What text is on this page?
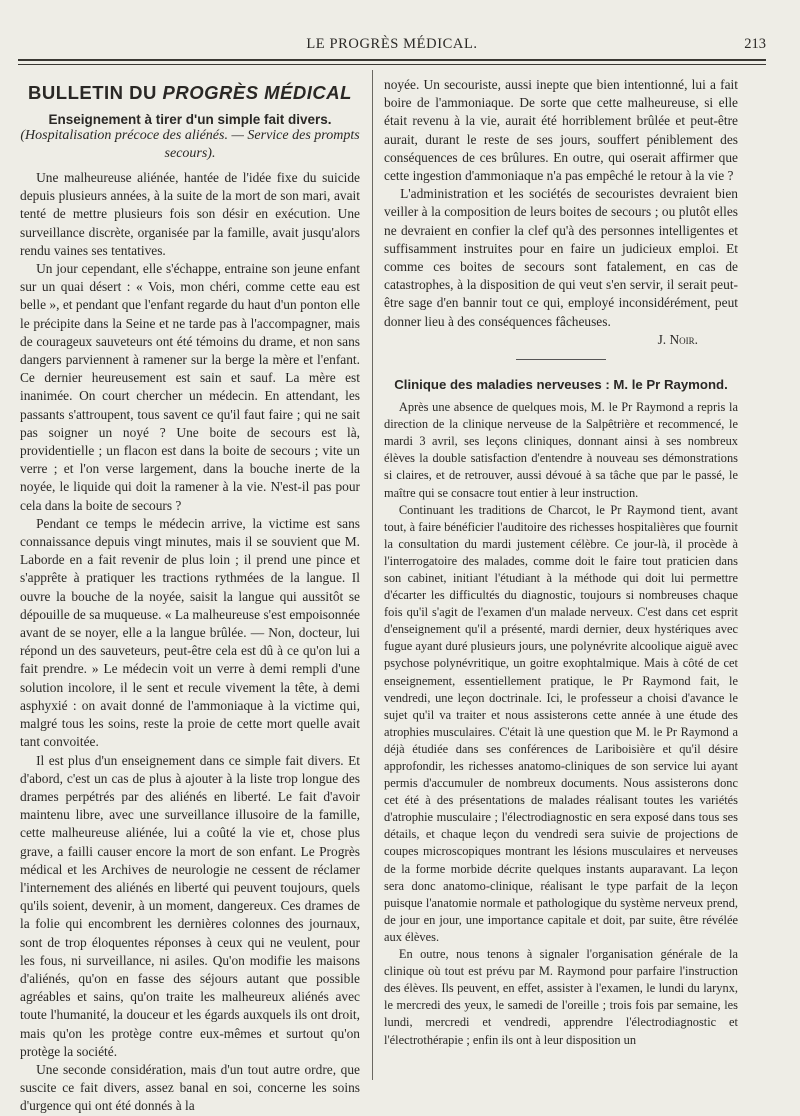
LE PROGRÈS MÉDICAL.	213
BULLETIN DU PROGRÈS MÉDICAL

Enseignement à tirer d'un simple fait divers.

(Hospitalisation précoce des aliénés. — Service des prompts secours).

Une malheureuse aliénée, hantée de l'idée fixe du suicide depuis plusieurs années, à la suite de la mort de son mari, avait tenté de mettre plusieurs fois son désir en exécution. Une surveillance discrète, organisée par la famille, avait jusqu'alors rendu vaines ses tentatives.

Un jour cependant, elle s'échappe, entraine son jeune enfant sur un quai désert : « Vois, mon chéri, comme cette eau est belle », et pendant que l'enfant regarde du haut d'un ponton elle le précipite dans la Seine et ne tarde pas à l'accompagner, mais de courageux sauveteurs ont été témoins du drame, et non sans dangers parviennent à ramener sur la berge la mère et l'enfant. Ce dernier heureusement est sain et sauf. La mère est inanimée. On court chercher un médecin. En attendant, les passants s'attroupent, tous savent ce qu'il faut faire ; qui ne sait pas soigner un noyé ? Une boite de secours est là, providentielle ; un flacon est dans la boite de secours ; vite un verre ; et l'on verse largement, dans la bouche inerte de la noyée, le liquide qui doit la ramener à la vie. N'est-il pas pour cela dans la boite de secours ?

Pendant ce temps le médecin arrive, la victime est sans connaissance depuis vingt minutes, mais il se souvient que M. Laborde en a fait revenir de plus loin ; il prend une pince et s'apprête à pratiquer les tractions rythmées de la langue. Il ouvre la bouche de la noyée, saisit la langue qui aussitôt se dépouille de sa muqueuse. « La malheureuse s'est empoisonnée avant de se noyer, elle a la langue brûlée. — Non, docteur, lui répond un des sauveteurs, peut-être cela est dû à ce qu'on lui a fait prendre. » Le médecin voit un verre à demi rempli d'une solution incolore, il le sent et recule vivement la tête, à demi asphyxié : on avait donné de l'ammoniaque à la victime qui, malgré tous les soins, reste la proie de cette mort quelle avait tant convoitée.

Il est plus d'un enseignement dans ce simple fait divers. Et d'abord, c'est un cas de plus à ajouter à la liste trop longue des drames perpétrés par des aliénés en liberté. Le fait d'avoir maintenu libre, avec une surveillance illusoire de la famille, cette malheureuse aliénée, lui a coûté la vie et, chose plus grave, a failli causer encore la mort de son enfant. Le Progrès médical et les Archives de neurologie ne cessent de réclamer l'internement des aliénés en liberté qui peuvent toujours, quels qu'ils soient, devenir, à un moment, dangereux. Ces drames de la folie qui encombrent les dernières colonnes des journaux, sont de trop éloquentes réponses à ceux qui ne veulent, pour les fous, ni surveillance, ni asiles. Qu'on modifie les maisons d'aliénés, qu'on en fasse des séjours autant que possible agréables et sains, qu'on traite les malheureux aliénés avec toute l'humanité, la douceur et les égards auxquels ils ont droit, mais qu'on les protège contre eux-mêmes et surtout qu'on protège la société.

Une seconde considération, mais d'un tout autre ordre, que suscite ce fait divers, assez banal en soi, concerne les soins d'urgence qui ont été donnés à la

noyée. Un secouriste, aussi inepte que bien intentionné, lui a fait boire de l'ammoniaque. De sorte que cette malheureuse, si elle était revenu à la vie, aurait été horriblement brûlée et peut-être aurait, durant le reste de ses jours, souffert péniblement des conséquences de ces brûlures. En outre, qui oserait affirmer que cette ingestion d'ammoniaque n'a pas empêché le retour à la vie ?

L'administration et les sociétés de secouristes devraient bien veiller à la composition de leurs boites de secours ; ou plutôt elles ne devraient en confier la clef qu'à des personnes intelligentes et suffisamment instruites pour en faire un judicieux emploi. Et comme ces boites de secours sont fatalement, en cas de catastrophes, à la disposition de qui veut s'en servir, il serait peut-être sage d'en bannir tout ce qui, employé inconsidérément, peut donner lieu à des conséquences fâcheuses.

J. Noir.

Clinique des maladies nerveuses : M. le Pr Raymond.

Après une absence de quelques mois, M. le Pr Raymond a repris la direction de la clinique nerveuse de la Salpêtrière et recommencé, le mardi 3 avril, ses leçons cliniques, donnant ainsi à ses nombreux élèves la double satisfaction d'entendre à nouveau ses démonstrations si claires, et de retrouver, aussi dévoué à sa tâche que par le passé, le maître qui se consacre tout entier à leur instruction.

Continuant les traditions de Charcot, le Pr Raymond tient, avant tout, à faire bénéficier l'auditoire des richesses hospitalières que fournit la consultation du mardi justement célèbre. Ce jour-là, il procède à l'interrogatoire des malades, comme doit le faire tout praticien dans son cabinet, initiant l'étudiant à la méthode qui doit lui permettre d'écarter les difficultés du diagnostic, toujours si nombreuses chaque fois qu'il s'agit de l'examen d'un malade nerveux. C'est dans cet esprit d'enseignement qu'il a présenté, mardi dernier, deux hystériques avec fugue ayant duré plusieurs jours, une polynévrite alcoolique aiguë avec psychose polynévritique, un goitre exophtalmique. Mais à côté de cet enseignement, essentiellement pratique, le Pr Raymond fait, le vendredi, une leçon doctrinale. Ici, le professeur a choisi d'avance le sujet qu'il va traiter et nous assisterons cette année à une étude des atrophies musculaires. C'était là une question que M. le Pr Raymond a déjà étudiée dans ses conférences de Lariboisière et qu'il désire approfondir, les richesses anatomo-cliniques de son service lui ayant permis d'accumuler de nombreux documents. Nous assisterons donc cet été à des présentations de malades réalisant toutes les variétés d'atrophie musculaire ; l'électrodiagnostic en sera exposé dans tous ses détails, et chaque leçon du vendredi sera suivie de projections de coupes microscopiques montrant les lésions musculaires et nerveuses de la forme morbide décrite quelques instants auparavant. La leçon sera donc anatomo-clinique, réalisant le type parfait de la leçon puisque l'anatomie normale et pathologique du système nerveux prend, de jour en jour, une importance capitale et doit, par suite, être révélée aux élèves.

En outre, nous tenons à signaler l'organisation générale de la clinique où tout est prévu par M. Raymond pour parfaire l'instruction des élèves. Ils peuvent, en effet, assister à l'examen, le lundi du larynx, le mercredi des yeux, le samedi de l'oreille ; trois fois par semaine, les lundi, mercredi et vendredi, apprendre l'électrodiagnostic et l'électrothérapie ; enfin ils ont à leur disposition un
